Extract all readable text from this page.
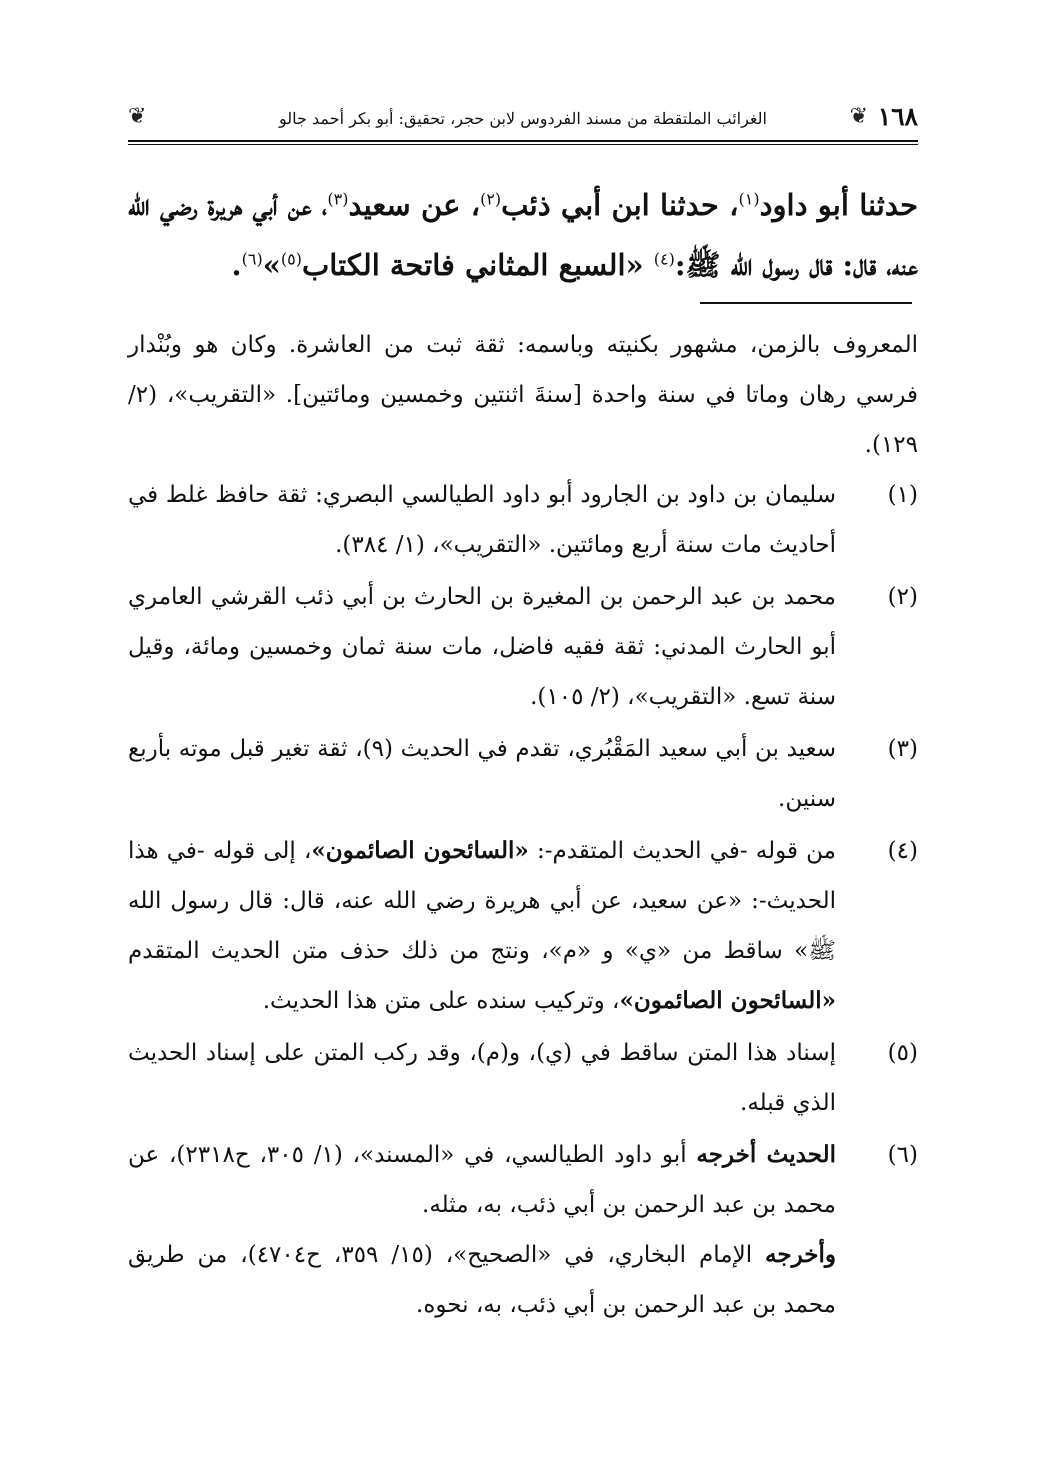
١٦٨
❦
الغرائب الملتقطة من مسند الفردوس لابن حجر، تحقيق: أبو بكر أحمد جالو
❦
حدثنا أبو داود$^{(١)}$، حدثنا ابن أبي ذئب$^{(٢)}$، عن سعيد$^{(٣)}$، عن أبي هريرة رضي الله عنه، قال: قال رسول الله ﷺ:$^{(٤)}$ «السبع المثاني فاتحة الكتاب$^{(٥)}$»$^{(٦)}$.

المعروف بالزمن، مشهور بكنيته وباسمه: ثقة ثبت من العاشرة. وكان هو وبُنْدار فرسي رهان وماتا في سنة واحدة [سنةَ اثنتين وخمسين ومائتين]. «التقريب»، (٢/ ١٢٩).

(١)
سليمان بن داود بن الجارود أبو داود الطيالسي البصري: ثقة حافظ غلط في أحاديث مات سنة أربع ومائتين. «التقريب»، (١/ ٣٨٤).

(٢)
محمد بن عبد الرحمن بن المغيرة بن الحارث بن أبي ذئب القرشي العامري أبو الحارث المدني: ثقة فقيه فاضل، مات سنة ثمان وخمسين ومائة، وقيل سنة تسع. «التقريب»، (٢/ ١٠٥).

(٣)
سعيد بن أبي سعيد المَقْبُري، تقدم في الحديث (٩)، ثقة تغير قبل موته بأربع سنين.

(٤)
من قوله -في الحديث المتقدم-: «السائحون الصائمون»، إلى قوله -في هذا الحديث-: «عن سعيد، عن أبي هريرة رضي الله عنه، قال: قال رسول الله ﷺ» ساقط من «ي» و «م»، ونتج من ذلك حذف متن الحديث المتقدم «السائحون الصائمون»، وتركيب سنده على متن هذا الحديث.

(٥)
إسناد هذا المتن ساقط في (ي)، و(م)، وقد ركب المتن على إسناد الحديث الذي قبله.

(٦)
الحديث أخرجه أبو داود الطيالسي، في «المسند»، (١/ ٣٠٥، ح٢٣١٨)، عن محمد بن عبد الرحمن بن أبي ذئب، به، مثله.
وأخرجه الإمام البخاري، في «الصحيح»، (١٥/ ٣٥٩، ح٤٧٠٤)، من طريق محمد بن عبد الرحمن بن أبي ذئب، به، نحوه.
